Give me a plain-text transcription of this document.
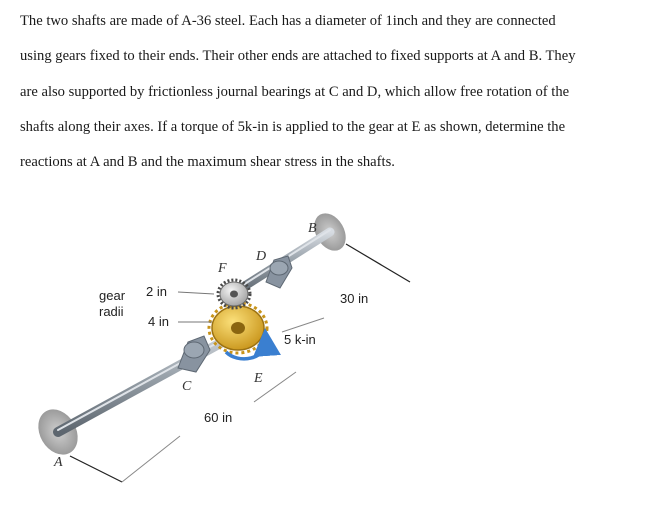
The two shafts are made of A-36 steel. Each has a diameter of 1inch and they are connected
using gears fixed to their ends. Their other ends are attached to fixed supports at A and B. They
are also supported by frictionless journal bearings at C and D, which allow free rotation of the
shafts along their axes. If a torque of 5k-in is applied to the gear at E as shown, determine the
reactions at A and B and the maximum shear stress in the shafts.
A
B
C
D
E
F
gear
radii
2 in
4 in
5 k-in
60 in
30 in
